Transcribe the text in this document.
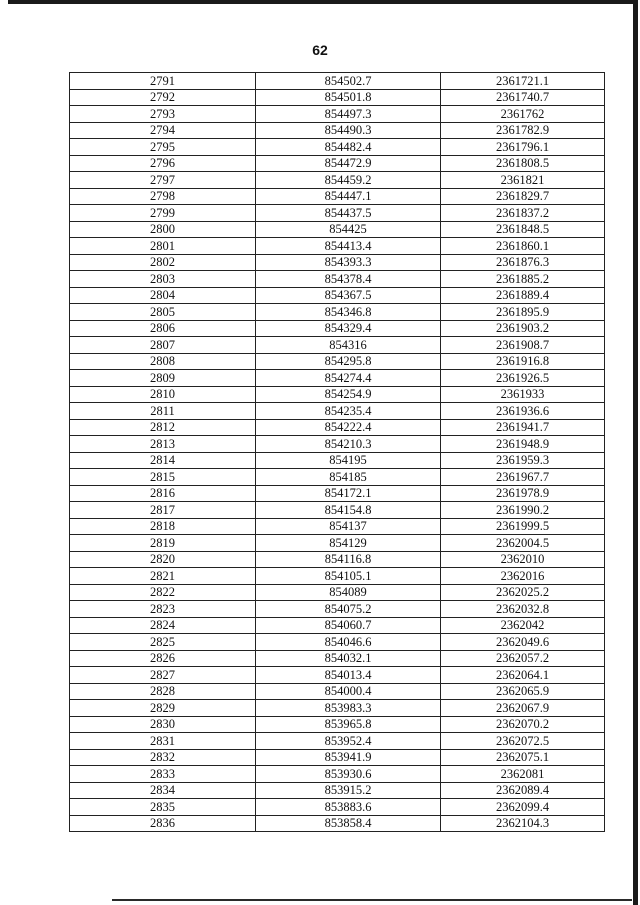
62
2791	854502.7	2361721.1
2792	854501.8	2361740.7
2793	854497.3	2361762
2794	854490.3	2361782.9
2795	854482.4	2361796.1
2796	854472.9	2361808.5
2797	854459.2	2361821
2798	854447.1	2361829.7
2799	854437.5	2361837.2
2800	854425	2361848.5
2801	854413.4	2361860.1
2802	854393.3	2361876.3
2803	854378.4	2361885.2
2804	854367.5	2361889.4
2805	854346.8	2361895.9
2806	854329.4	2361903.2
2807	854316	2361908.7
2808	854295.8	2361916.8
2809	854274.4	2361926.5
2810	854254.9	2361933
2811	854235.4	2361936.6
2812	854222.4	2361941.7
2813	854210.3	2361948.9
2814	854195	2361959.3
2815	854185	2361967.7
2816	854172.1	2361978.9
2817	854154.8	2361990.2
2818	854137	2361999.5
2819	854129	2362004.5
2820	854116.8	2362010
2821	854105.1	2362016
2822	854089	2362025.2
2823	854075.2	2362032.8
2824	854060.7	2362042
2825	854046.6	2362049.6
2826	854032.1	2362057.2
2827	854013.4	2362064.1
2828	854000.4	2362065.9
2829	853983.3	2362067.9
2830	853965.8	2362070.2
2831	853952.4	2362072.5
2832	853941.9	2362075.1
2833	853930.6	2362081
2834	853915.2	2362089.4
2835	853883.6	2362099.4
2836	853858.4	2362104.3
